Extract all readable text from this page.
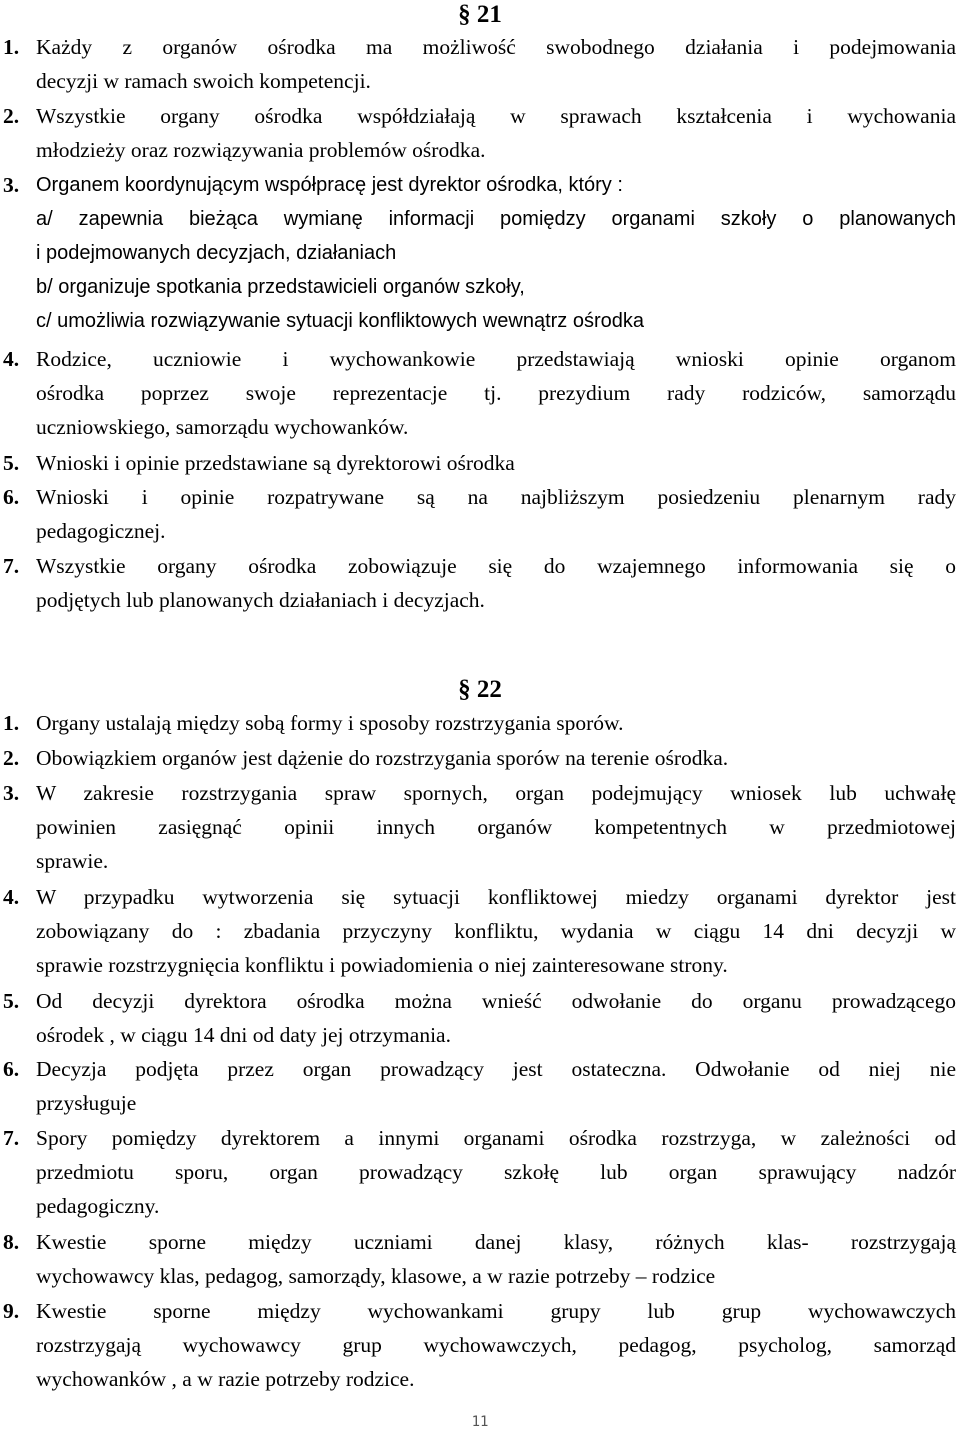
§ 21
1. Każdy z organów ośrodka ma możliwość swobodnego działania i podejmowania
decyzji w ramach swoich kompetencji.
2. Wszystkie organy ośrodka współdziałają w sprawach kształcenia i wychowania
młodzieży oraz rozwiązywania problemów ośrodka.
3. Organem koordynującym współpracę jest dyrektor ośrodka, który :
a/ zapewnia bieżąca wymianę informacji pomiędzy organami szkoły o planowanych
i podejmowanych decyzjach, działaniach
b/ organizuje spotkania przedstawicieli organów szkoły,
c/ umożliwia rozwiązywanie sytuacji konfliktowych wewnątrz ośrodka
4. Rodzice, uczniowie i wychowankowie przedstawiają wnioski opinie organom
ośrodka poprzez swoje reprezentacje tj. prezydium rady rodziców, samorządu
uczniowskiego, samorządu wychowanków.
5. Wnioski i opinie przedstawiane są dyrektorowi ośrodka
6. Wnioski i opinie rozpatrywane są na najbliższym posiedzeniu plenarnym rady
pedagogicznej.
7. Wszystkie organy ośrodka zobowiązuje się do wzajemnego informowania się o
podjętych lub planowanych działaniach i decyzjach.
§ 22
1. Organy ustalają między sobą formy i sposoby rozstrzygania sporów.
2. Obowiązkiem organów jest dążenie do rozstrzygania sporów na terenie ośrodka.
3. W zakresie rozstrzygania spraw spornych, organ podejmujący wniosek lub uchwałę
powinien zasięgnąć opinii innych organów kompetentnych w przedmiotowej
sprawie.
4. W przypadku wytworzenia się sytuacji konfliktowej miedzy organami dyrektor jest
zobowiązany do : zbadania przyczyny konfliktu, wydania w ciągu 14 dni decyzji w
sprawie rozstrzygnięcia konfliktu i powiadomienia o niej zainteresowane strony.
5. Od decyzji dyrektora ośrodka można wnieść odwołanie do organu prowadzącego
ośrodek , w ciągu 14 dni od daty jej otrzymania.
6. Decyzja podjęta przez organ prowadzący jest ostateczna. Odwołanie od niej nie
przysługuje
7. Spory pomiędzy dyrektorem a innymi organami ośrodka rozstrzyga, w zależności od
przedmiotu sporu, organ prowadzący szkołę lub organ sprawujący nadzór
pedagogiczny.
8. Kwestie sporne między uczniami danej klasy, różnych klas- rozstrzygają
wychowawcy klas, pedagog, samorządy, klasowe, a w razie potrzeby – rodzice
9. Kwestie sporne między wychowankami grupy lub grup wychowawczych
rozstrzygają wychowawcy grup wychowawczych, pedagog, psycholog, samorząd
wychowanków , a w razie potrzeby rodzice.
11
